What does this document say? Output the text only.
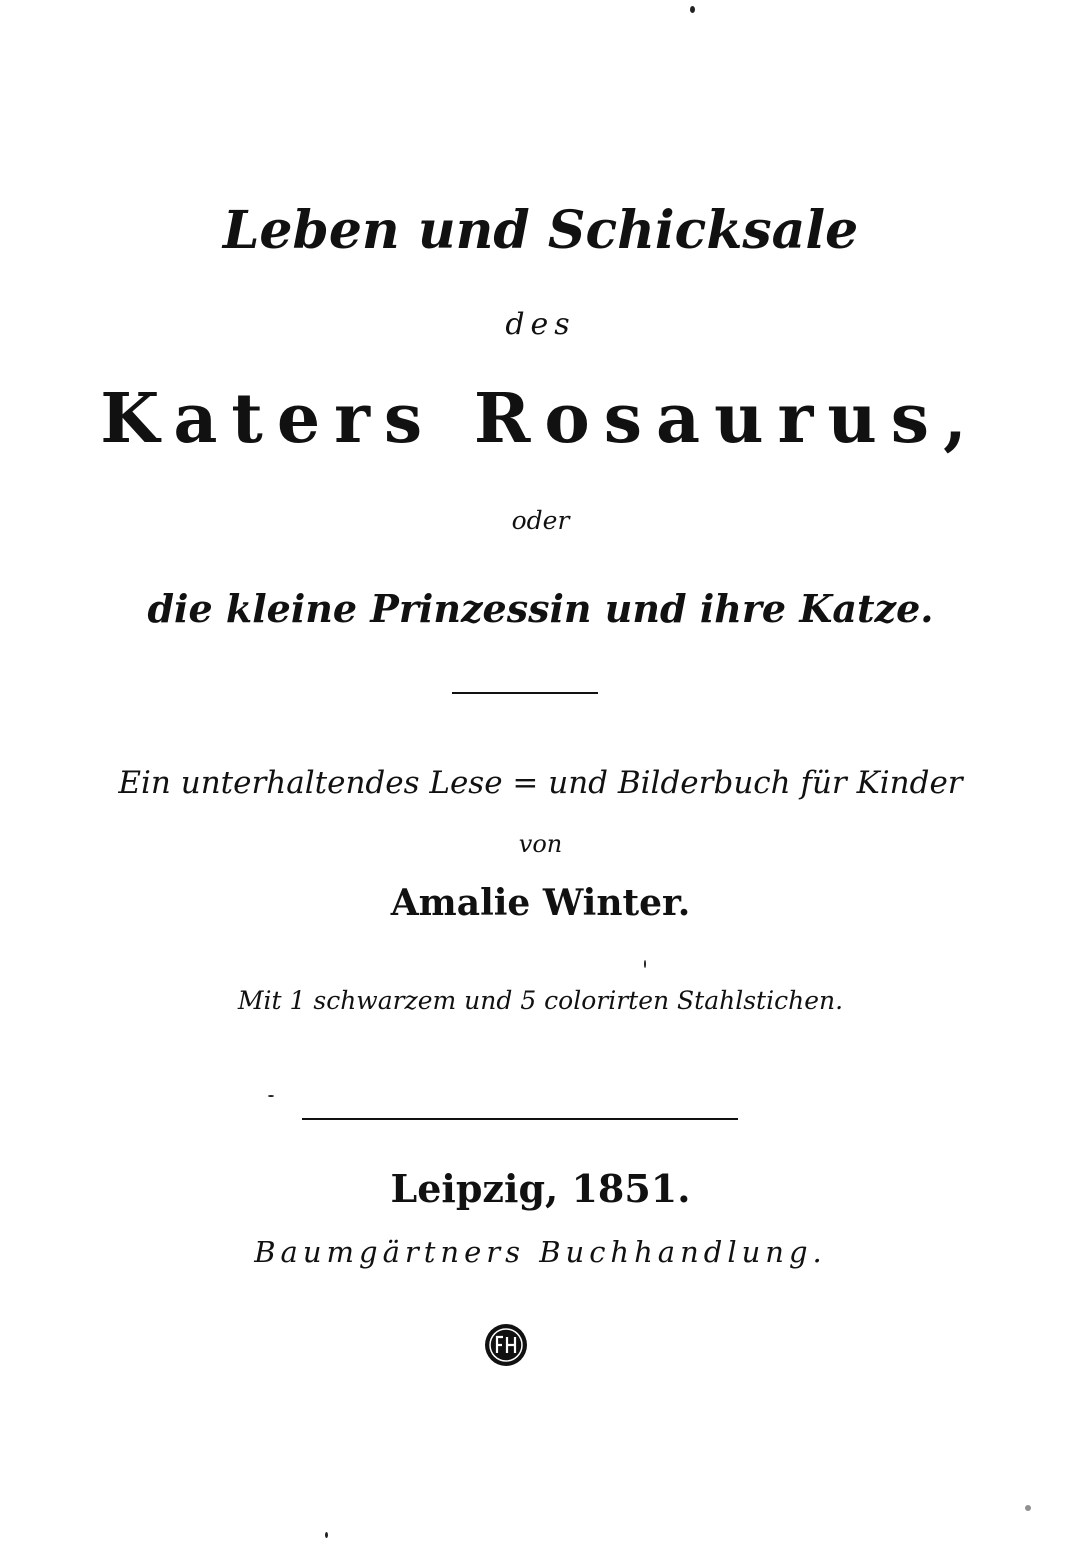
Leben und Schicksale
des
Katers Rosaurus,
oder
die kleine Prinzessin und ihre Katze.
Ein unterhaltendes Lese = und Bilderbuch für Kinder
von
Amalie Winter.
Mit 1 schwarzem und 5 colorirten Stahlstichen.
Leipzig, 1851.
Baumgärtners Buchhandlung.
